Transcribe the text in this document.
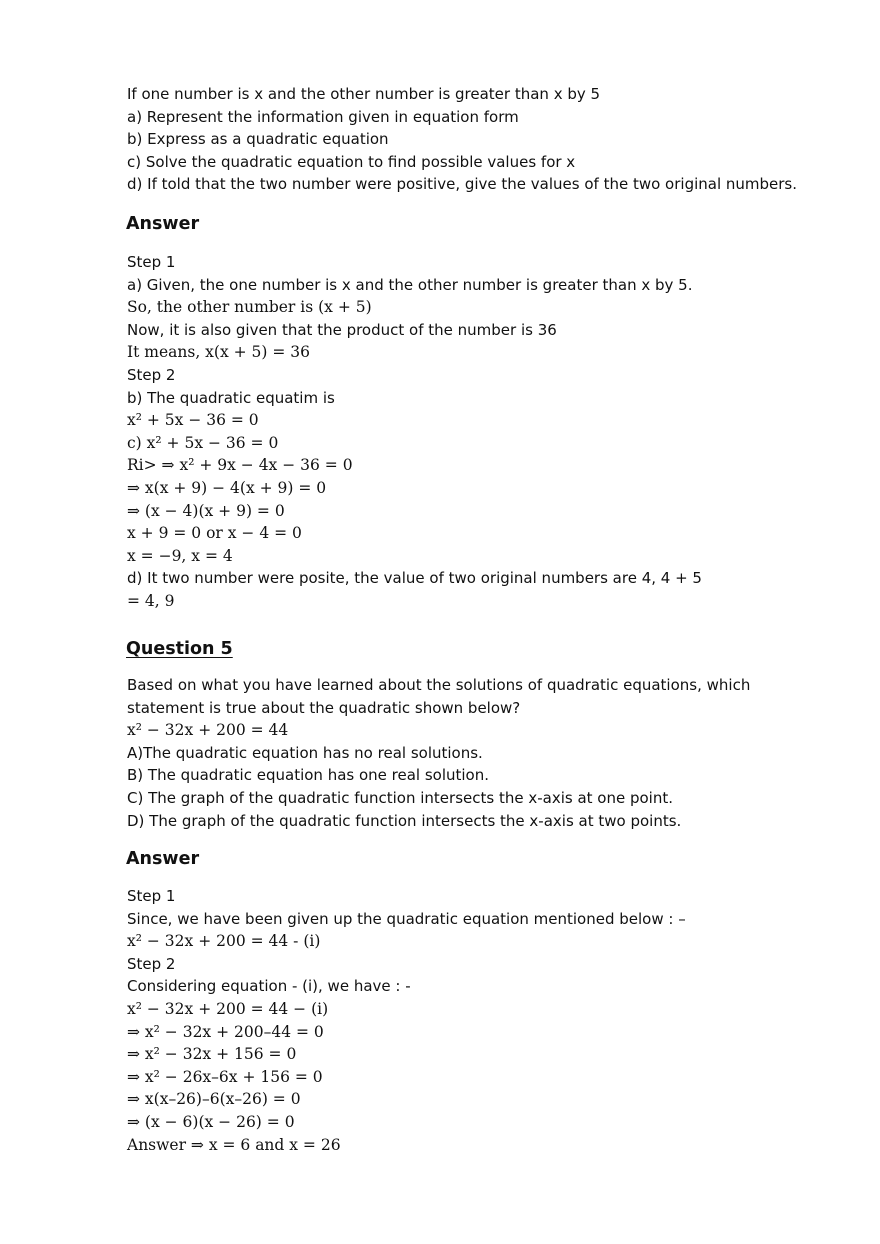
If one number is x and the other number is greater than x by 5
a) Represent the information given in equation form
b) Express as a quadratic equation
c) Solve the quadratic equation to find possible values for x
d) If told that the two number were positive, give the values of the two original numbers.
Answer
Step 1
a) Given, the one number is x and the other number is greater than x by 5.
So, the other number is (x + 5)
Now, it is also given that the product of the number is 36
It means, x(x + 5) = 36
Step 2
b) The quadratic equatim is
x² + 5x − 36 = 0
c) x² + 5x − 36 = 0
Ri> ⇒ x² + 9x − 4x − 36 = 0
⇒ x(x + 9) − 4(x + 9) = 0
⇒ (x − 4)(x + 9) = 0
x + 9 = 0 or x − 4 = 0
x = −9, x = 4
d) It two number were posite, the value of two original numbers are 4, 4 + 5
= 4, 9
Question 5
Based on what you have learned about the solutions of quadratic equations, which
statement is true about the quadratic shown below?
x² − 32x + 200 = 44
A)The quadratic equation has no real solutions.
B) The quadratic equation has one real solution.
C) The graph of the quadratic function intersects the x-axis at one point.
D) The graph of the quadratic function intersects the x-axis at two points.
Answer
Step 1
Since, we have been given up the quadratic equation mentioned below : –
x² − 32x + 200 = 44 - (i)
Step 2
Considering equation - (i), we have : -
x² − 32x + 200 = 44 − (i)
⇒ x² − 32x + 200–44 = 0
⇒ x² − 32x + 156 = 0
⇒ x² − 26x–6x + 156 = 0
⇒ x(x–26)–6(x–26) = 0
⇒ (x − 6)(x − 26) = 0
Answer ⇒ x = 6 and x = 26
